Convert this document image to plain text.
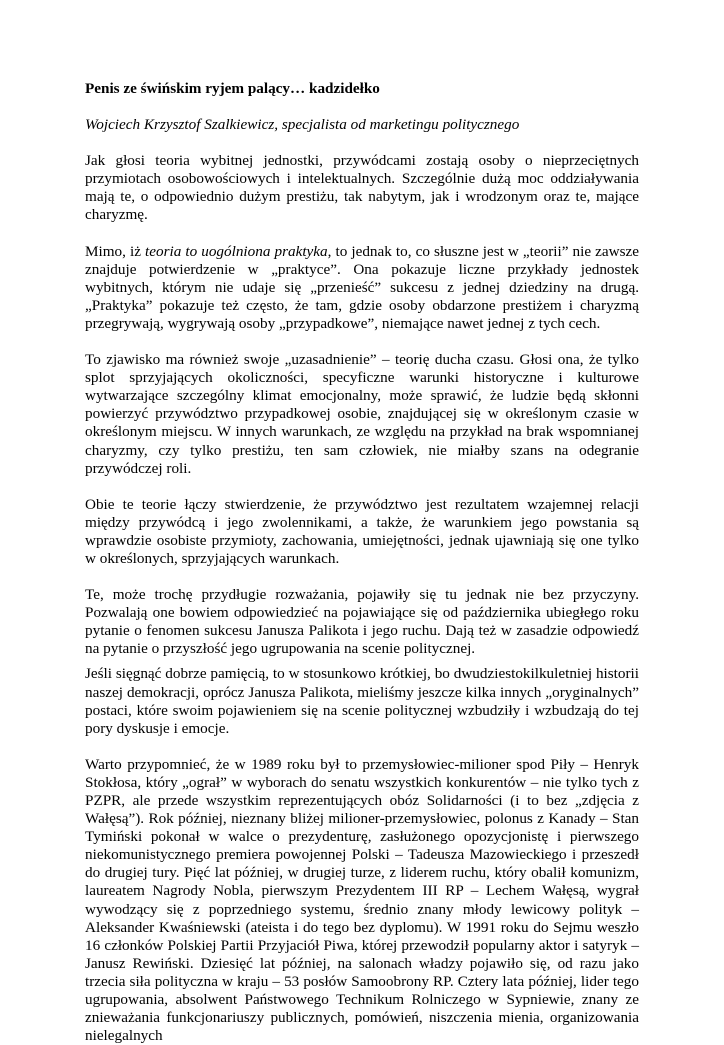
Penis ze świńskim ryjem palący… kadzidełko

Wojciech Krzysztof Szalkiewicz, specjalista od marketingu politycznego

Jak głosi teoria wybitnej jednostki, przywódcami zostają osoby o nieprzeciętnych przymiotach osobowościowych i intelektualnych. Szczególnie dużą moc oddziaływania mają te, o odpowiednio dużym prestiżu, tak nabytym, jak i wrodzonym oraz te, mające charyzmę.

Mimo, iż teoria to uogólniona praktyka, to jednak to, co słuszne jest w „teorii” nie zawsze znajduje potwierdzenie w „praktyce”. Ona pokazuje liczne przykłady jednostek wybitnych, którym nie udaje się „przenieść” sukcesu z jednej dziedziny na drugą. „Praktyka” pokazuje też często, że tam, gdzie osoby obdarzone prestiżem i charyzmą przegrywają, wygrywają osoby „przypadkowe”, niemające nawet jednej z tych cech.

To zjawisko ma również swoje „uzasadnienie” – teorię ducha czasu. Głosi ona, że tylko splot sprzyjających okoliczności, specyficzne warunki historyczne i kulturowe wytwarzające szczególny klimat emocjonalny, może sprawić, że ludzie będą skłonni powierzyć przywództwo przypadkowej osobie, znajdującej się w określonym czasie w określonym miejscu. W innych warunkach, ze względu na przykład na brak wspomnianej charyzmy, czy tylko prestiżu, ten sam człowiek, nie miałby szans na odegranie przywódczej roli.

Obie te teorie łączy stwierdzenie, że przywództwo jest rezultatem wzajemnej relacji między przywódcą i jego zwolennikami, a także, że warunkiem jego powstania są wprawdzie osobiste przymioty, zachowania, umiejętności, jednak ujawniają się one tylko w określonych, sprzyjających warunkach.

Te, może trochę przydługie rozważania, pojawiły się tu jednak nie bez przyczyny. Pozwalają one bowiem odpowiedzieć na pojawiające się od października ubiegłego roku pytanie o fenomen sukcesu Janusza Palikota i jego ruchu. Dają też w zasadzie odpowiedź na pytanie o przyszłość jego ugrupowania na scenie politycznej.

Jeśli sięgnąć dobrze pamięcią, to w stosunkowo krótkiej, bo dwudziestokilkuletniej historii naszej demokracji, oprócz Janusza Palikota, mieliśmy jeszcze kilka innych „oryginalnych” postaci, które swoim pojawieniem się na scenie politycznej wzbudziły i wzbudzają do tej pory dyskusje i emocje.

Warto przypomnieć, że w 1989 roku był to przemysłowiec-milioner spod Piły – Henryk Stokłosa, który „ograł” w wyborach do senatu wszystkich konkurentów – nie tylko tych z PZPR, ale przede wszystkim reprezentujących obóz Solidarności (i to bez „zdjęcia z Wałęsą”). Rok później, nieznany bliżej milioner-przemysłowiec, polonus z Kanady – Stan Tymiński pokonał w walce o prezydenturę, zasłużonego opozycjonistę i pierwszego niekomunistycznego premiera powojennej Polski – Tadeusza Mazowieckiego i przeszedł do drugiej tury. Pięć lat później, w drugiej turze, z liderem ruchu, który obalił komunizm, laureatem Nagrody Nobla, pierwszym Prezydentem III RP – Lechem Wałęsą, wygrał wywodzący się z poprzedniego systemu, średnio znany młody lewicowy polityk – Aleksander Kwaśniewski (ateista i do tego bez dyplomu). W 1991 roku do Sejmu weszło 16 członków Polskiej Partii Przyjaciół Piwa, której przewodził popularny aktor i satyryk – Janusz Rewiński. Dziesięć lat później, na salonach władzy pojawiło się, od razu jako trzecia siła polityczna w kraju – 53 posłów Samoobrony RP. Cztery lata później, lider tego ugrupowania, absolwent Państwowego Technikum Rolniczego w Sypniewie, znany ze znieważania funkcjonariuszy publicznych, pomówień, niszczenia mienia, organizowania nielegalnych
